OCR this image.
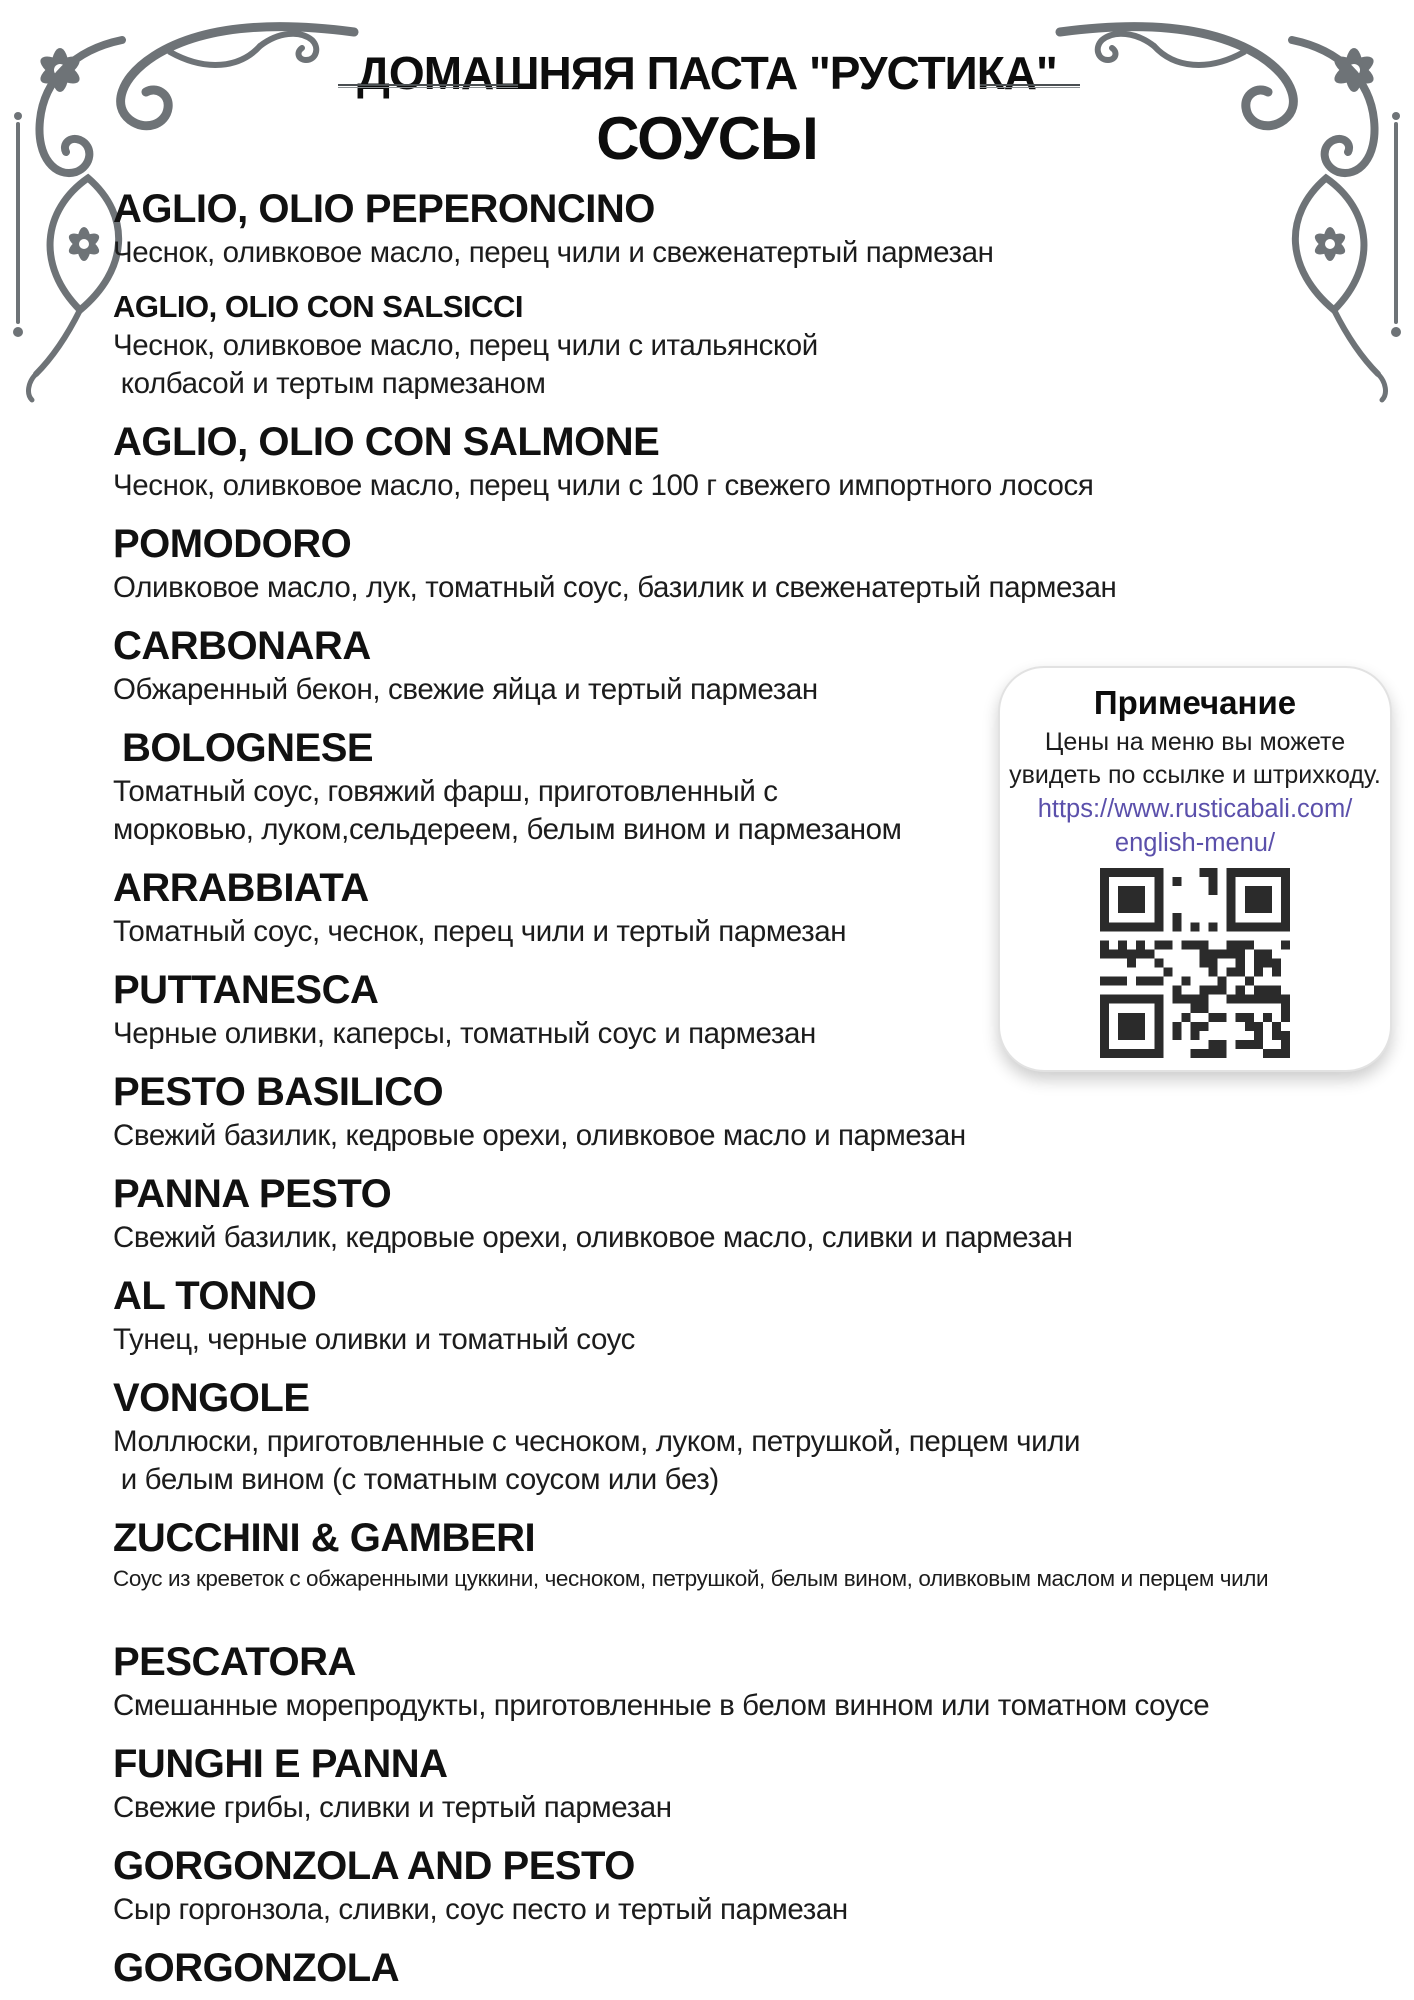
ДОМАШНЯЯ ПАСТА "РУСТИКА"
СОУСЫ
AGLIO, OLIO PEPERONCINO
Чеснок, оливковое масло, перец чили и свеженатертый пармезан
AGLIO, OLIO CON SALSICCI
Чеснок, оливковое масло, перец чили с итальянской
колбасой и тертым пармезаном
AGLIO, OLIO CON SALMONE
Чеснок, оливковое масло, перец чили с 100 г свежего импортного лосося
POMODORO
Оливковое масло, лук, томатный соус, базилик и свеженатертый пармезан
CARBONARA
Обжаренный бекон, свежие яйца и тертый пармезан
BOLOGNESE
Томатный соус, говяжий фарш, приготовленный с
морковью, луком,сельдереем, белым вином и пармезаном
ARRABBIATA
Томатный соус, чеснок, перец чили и тертый пармезан
PUTTANESCA
Черные оливки, каперсы, томатный соус и пармезан
PESTO BASILICO
Свежий базилик, кедровые орехи, оливковое масло и пармезан
PANNA PESTO
Свежий базилик, кедровые орехи, оливковое масло, сливки и пармезан
AL TONNO
Тунец, черные оливки и томатный соус
VONGOLE
Моллюски, приготовленные с чесноком, луком, петрушкой, перцем чили
и белым вином (с томатным соусом или без)
ZUCCHINI & GAMBERI
Соус из креветок с обжаренными цуккини, чесноком, петрушкой, белым вином, оливковым маслом и перцем чили
PESCATORA
Смешанные морепродукты, приготовленные в белом винном или томатном соусе
FUNGHI E PANNA
Свежие грибы, сливки и тертый пармезан
GORGONZOLA AND PESTO
Сыр горгонзола, сливки, соус песто и тертый пармезан
GORGONZOLA
Примечание
Цены на меню вы можете
увидеть по ссылке и штрихкоду.
https://www.rusticabali.com/
english-menu/
